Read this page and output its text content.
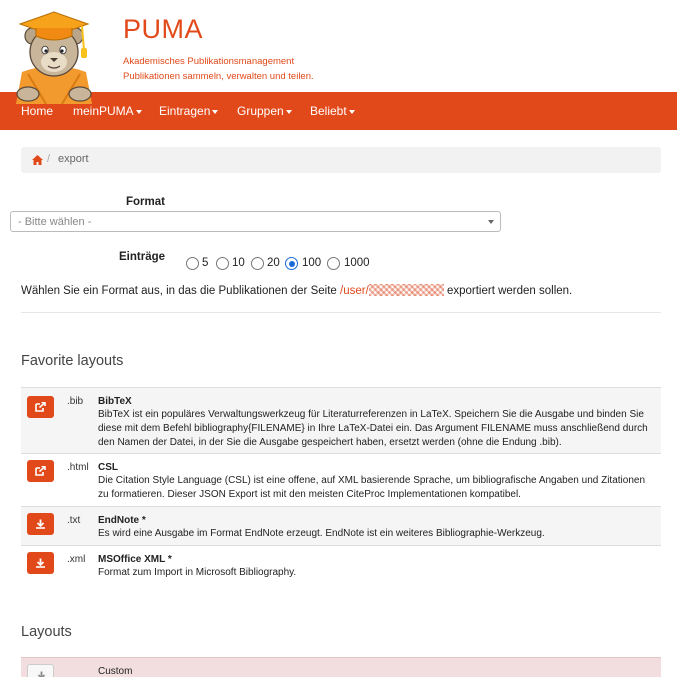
PUMA
Akademisches Publikationsmanagement
Publikationen sammeln, verwalten und teilen.
Home meinPUMA	Eintragen	Gruppen	Beliebt
/ export
Format
- Bitte wählen -
Einträge	5 10 20 100 1000
Wählen Sie ein Format aus, in das die Publikationen der Seite /user/	exportiert werden sollen.
Favorite layouts
.bib BibTeX
BibTeX ist ein populäres Verwaltungswerkzeug für Literaturreferenzen in LaTeX. Speichern Sie die Ausgabe und binden Sie diese mit dem Befehl bibliography{FILENAME} in Ihre LaTeX-Datei ein. Das Argument FILENAME muss anschließend durch den Namen der Datei, in der Sie die Ausgabe gespeichert haben, ersetzt werden (ohne die Endung .bib).
.html CSL
Die Citation Style Language (CSL) ist eine offene, auf XML basierende Sprache, um bibliografische Angaben und Zitationen zu formatieren. Dieser JSON Export ist mit den meisten CiteProc Implementationen kompatibel.
.txt EndNote *
Es wird eine Ausgabe im Format EndNote erzeugt. EndNote ist ein weiteres Bibliographie-Werkzeug.
.xml MSOffice XML *
Format zum Import in Microsoft Bibliography.
Layouts
Custom
